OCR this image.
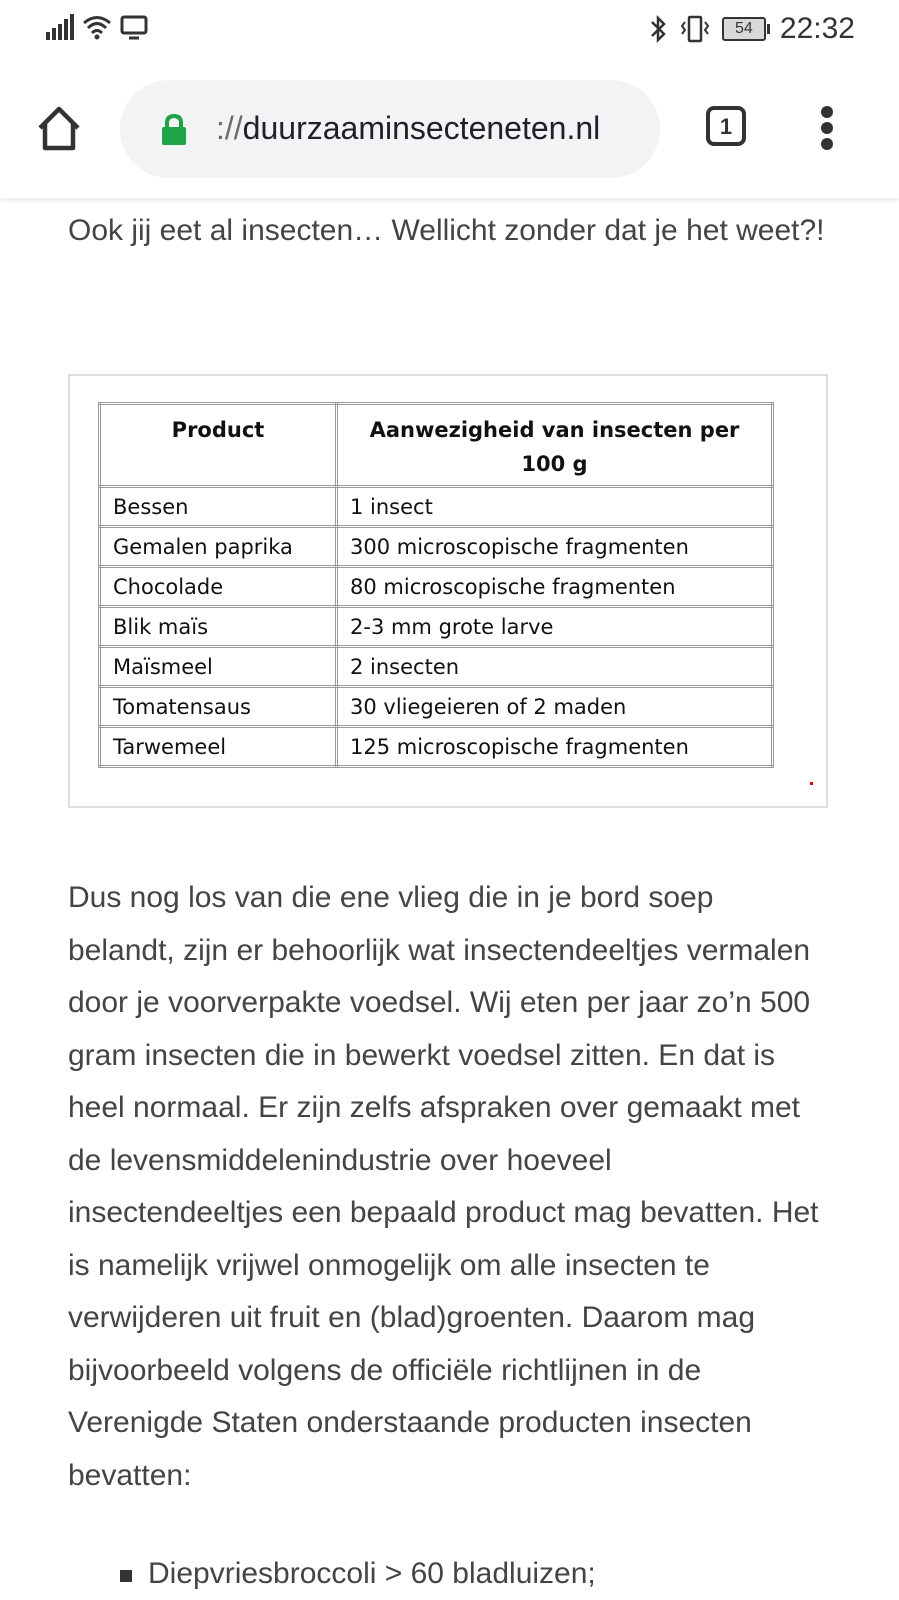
54 22:32
://duurzaaminsecteneten.nl	1

Ook jij eet al insecten… Wellicht zonder dat je het weet?!

Product	Aanwezigheid van insecten per 100 g
Bessen	1 insect
Gemalen paprika	300 microscopische fragmenten
Chocolade	80 microscopische fragmenten
Blik maïs	2-3 mm grote larve
Maïsmeel	2 insecten
Tomatensaus	30 vliegeieren of 2 maden
Tarwemeel	125 microscopische fragmenten

Dus nog los van die ene vlieg die in je bord soep belandt, zijn er behoorlijk wat insectendeeltjes vermalen door je voorverpakte voedsel. Wij eten per jaar zo’n 500 gram insecten die in bewerkt voedsel zitten. En dat is heel normaal. Er zijn zelfs afspraken over gemaakt met de levensmiddelenindustrie over hoeveel insectendeeltjes een bepaald product mag bevatten. Het is namelijk vrijwel onmogelijk om alle insecten te verwijderen uit fruit en (blad)groenten. Daarom mag bijvoorbeeld volgens de officiële richtlijnen in de Verenigde Staten onderstaande producten insecten bevatten:

Diepvriesbroccoli > 60 bladluizen;
